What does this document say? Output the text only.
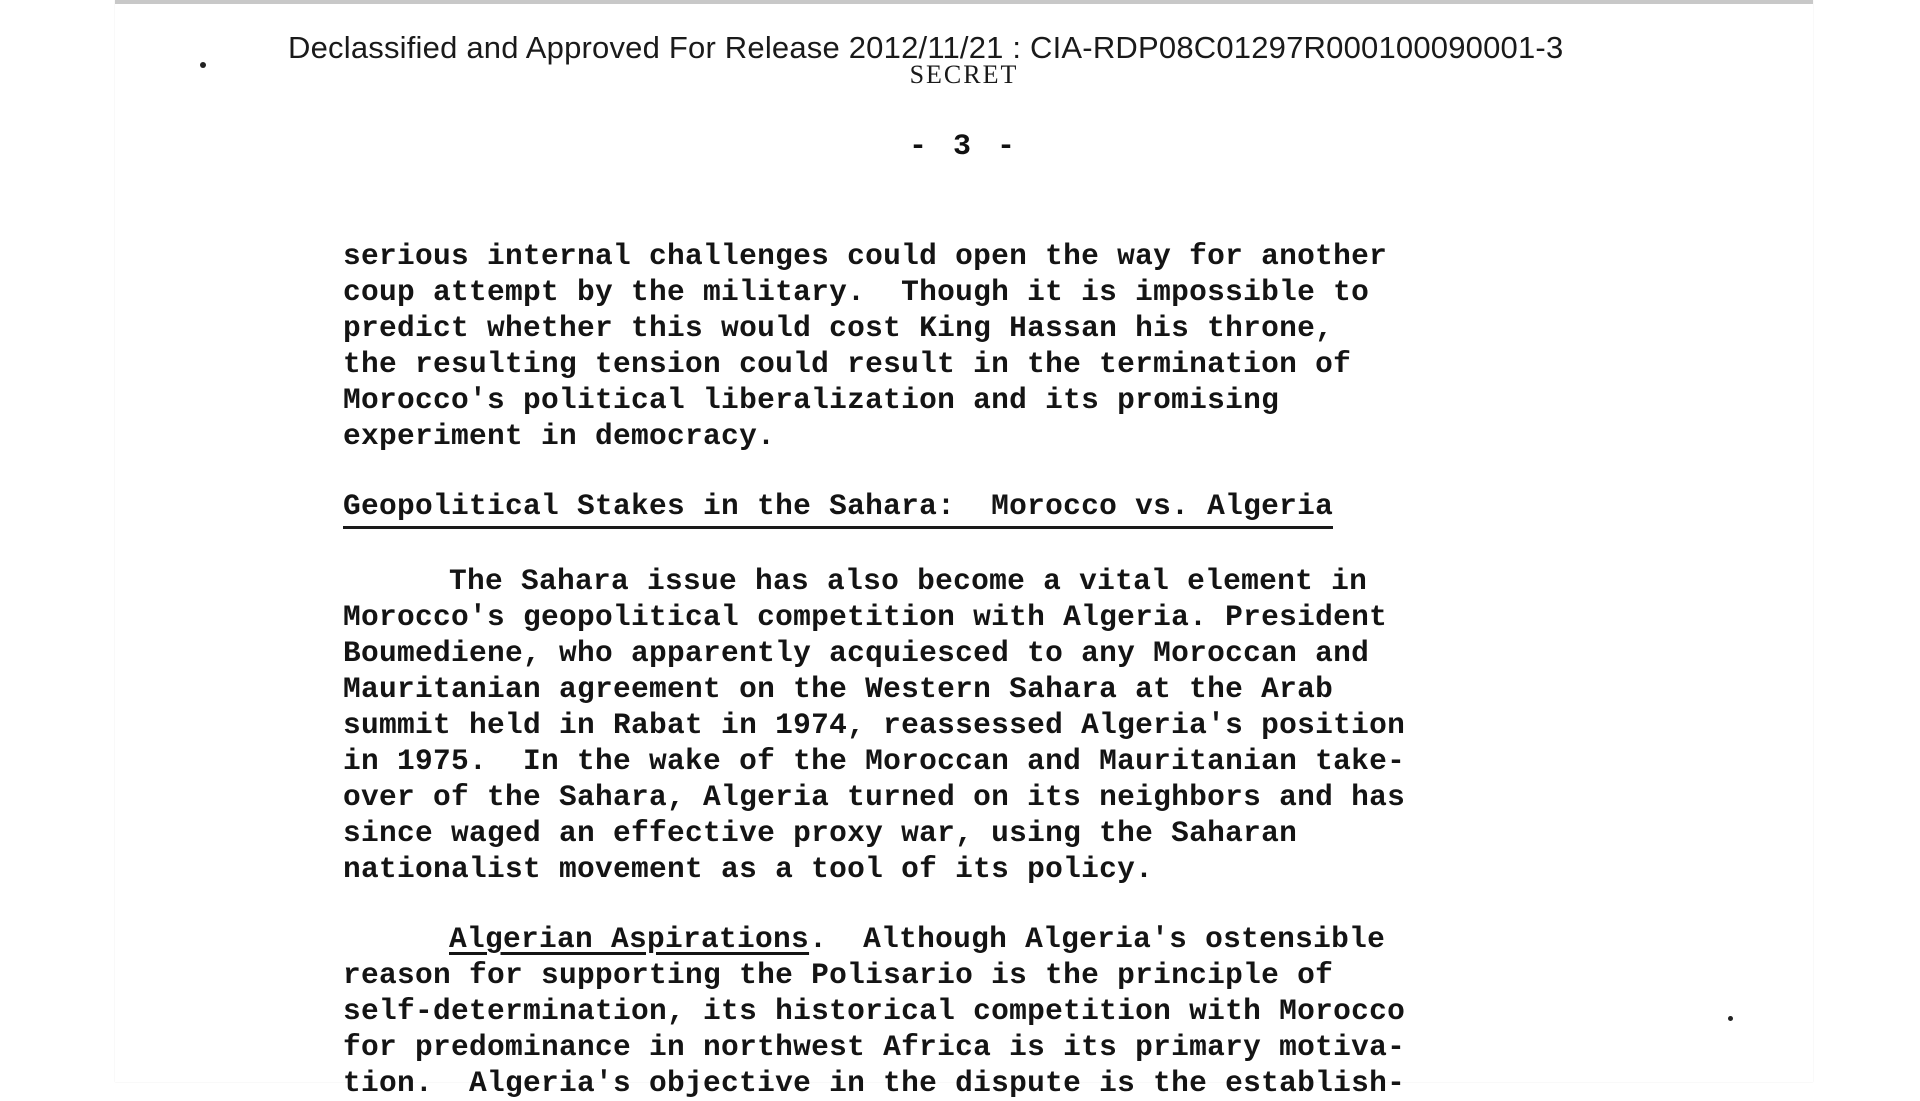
Declassified and Approved For Release 2012/11/21 : CIA-RDP08C01297R000100090001-3
SECRET
- 3 -
serious internal challenges could open the way for another
coup attempt by the military.  Though it is impossible to
predict whether this would cost King Hassan his throne,
the resulting tension could result in the termination of
Morocco's political liberalization and its promising
experiment in democracy.
Geopolitical Stakes in the Sahara:  Morocco vs. Algeria
The Sahara issue has also become a vital element in
Morocco's geopolitical competition with Algeria. President
Boumediene, who apparently acquiesced to any Moroccan and
Mauritanian agreement on the Western Sahara at the Arab
summit held in Rabat in 1974, reassessed Algeria's position
in 1975.  In the wake of the Moroccan and Mauritanian take-
over of the Sahara, Algeria turned on its neighbors and has
since waged an effective proxy war, using the Saharan
nationalist movement as a tool of its policy.
Algerian Aspirations.  Although Algeria's ostensible
reason for supporting the Polisario is the principle of
self-determination, its historical competition with Morocco
for predominance in northwest Africa is its primary motiva-
tion.  Algeria's objective in the dispute is the establish-
